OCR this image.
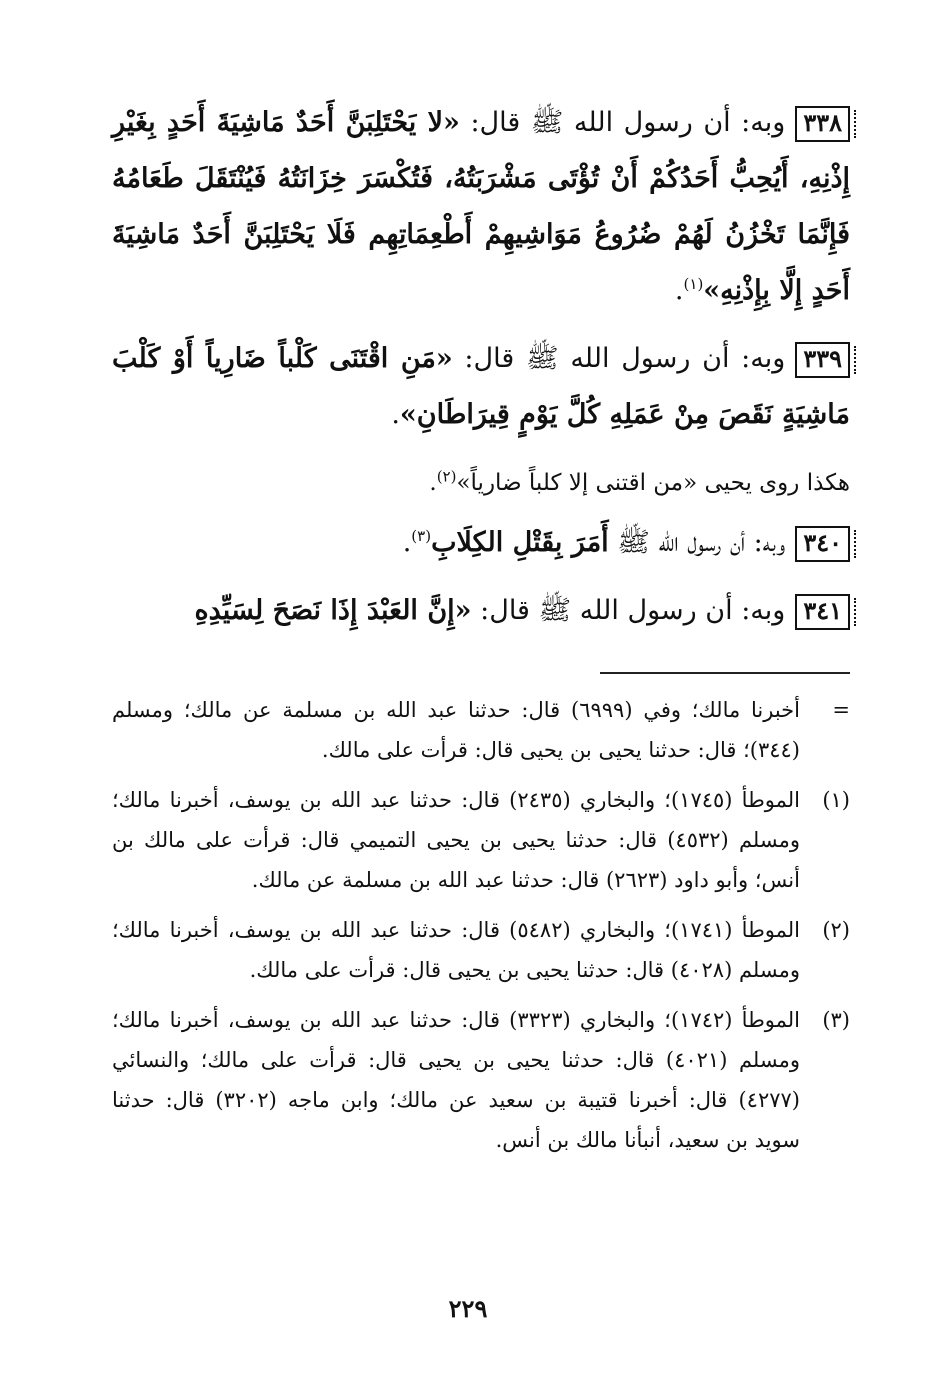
٣٣٨وبه: أن رسول الله ﷺ قال: «لا يَحْتَلِبَنَّ أَحَدٌ مَاشِيَةَ أَحَدٍ بِغَيْرِ إِذْنِهِ، أَيُحِبُّ أَحَدُكُمْ أَنْ تُؤْتَى مَشْرَبَتُهُ، فَتُكْسَرَ خِزَانَتُهُ فَيُنْتَقَلَ طَعَامُهُ فَإِنَّمَا تَخْزُنُ لَهُمْ ضُرُوعُ مَوَاشِيهِمْ أَطْعِمَاتِهِم فَلَا يَحْتَلِبَنَّ أَحَدٌ مَاشِيَةَ أَحَدٍ إِلَّا بِإِذْنِهِ»$^{(١)}$.

٣٣٩وبه: أن رسول الله ﷺ قال: «مَنِ اقْتَنَى كَلْباً ضَارِياً أَوْ كَلْبَ مَاشِيَةٍ نَقَصَ مِنْ عَمَلِهِ كُلَّ يَوْمٍ قِيرَاطَانِ».

هكذا روى يحيى «من اقتنى إلا كلباً ضارياً»$^{(٢)}$.

٣٤٠وبه: أن رسول الله ﷺ أَمَرَ بِقَتْلِ الكِلَابِ$^{(٣)}$.

٣٤١وبه: أن رسول الله ﷺ قال: «إِنَّ العَبْدَ إِذَا نَصَحَ لِسَيِّدِهِ

=
أخبرنا مالك؛ وفي (٦٩٩٩) قال: حدثنا عبد الله بن مسلمة عن مالك؛ ومسلم (٣٤٤)؛ قال: حدثنا يحيى بن يحيى قال: قرأت على مالك.
(١)
الموطأ (١٧٤٥)؛ والبخاري (٢٤٣٥) قال: حدثنا عبد الله بن يوسف، أخبرنا مالك؛ ومسلم (٤٥٣٢) قال: حدثنا يحيى بن يحيى التميمي قال: قرأت على مالك بن أنس؛ وأبو داود (٢٦٢٣) قال: حدثنا عبد الله بن مسلمة عن مالك.
(٢)
الموطأ (١٧٤١)؛ والبخاري (٥٤٨٢) قال: حدثنا عبد الله بن يوسف، أخبرنا مالك؛ ومسلم (٤٠٢٨) قال: حدثنا يحيى بن يحيى قال: قرأت على مالك.
(٣)
الموطأ (١٧٤٢)؛ والبخاري (٣٣٢٣) قال: حدثنا عبد الله بن يوسف، أخبرنا مالك؛ ومسلم (٤٠٢١) قال: حدثنا يحيى بن يحيى قال: قرأت على مالك؛ والنسائي (٤٢٧٧) قال: أخبرنا قتيبة بن سعيد عن مالك؛ وابن ماجه (٣٢٠٢) قال: حدثنا سويد بن سعيد، أنبأنا مالك بن أنس.
٢٢٩
